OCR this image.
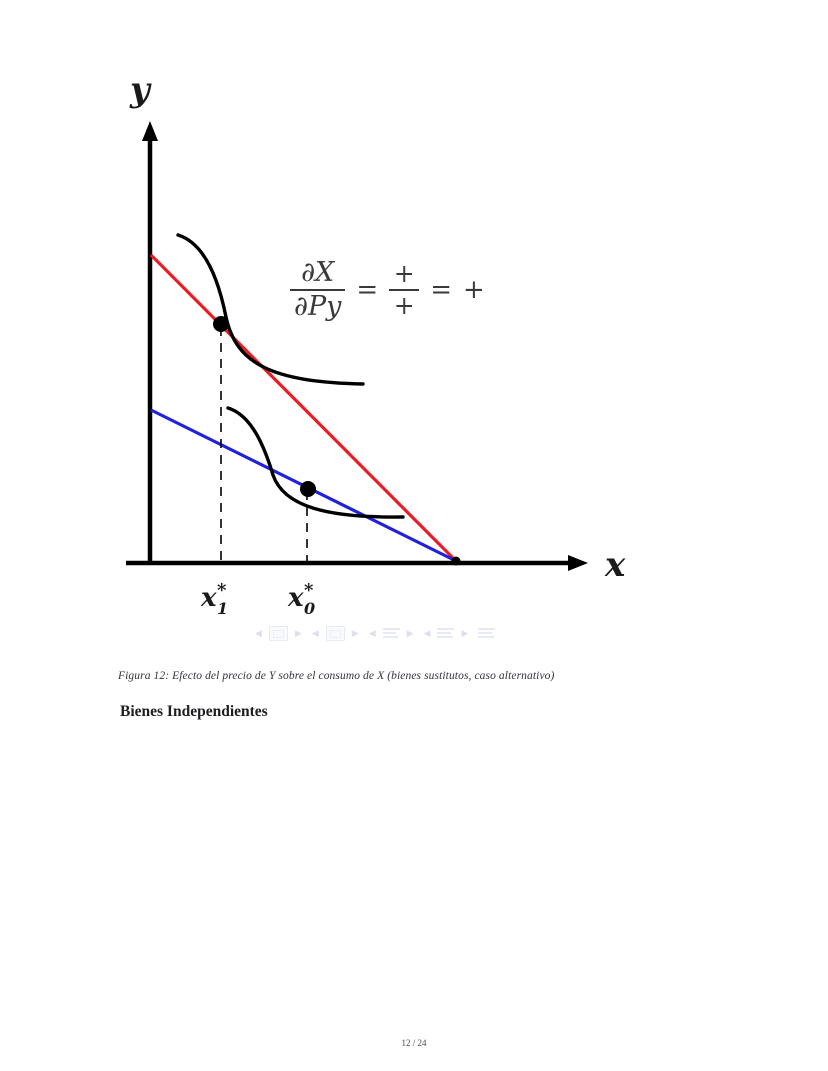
y
x
x 1
* x 0
*
$\frac{\partial X}{\partial Py} = \frac{+}{+}$ = +
◀	▶ ◀	▶ ◀	▶ ◀	▶
Figura 12: Efecto del precio de Y sobre el consumo de X (bienes sustitutos, caso alternativo)
Bienes Independientes
12 / 24
